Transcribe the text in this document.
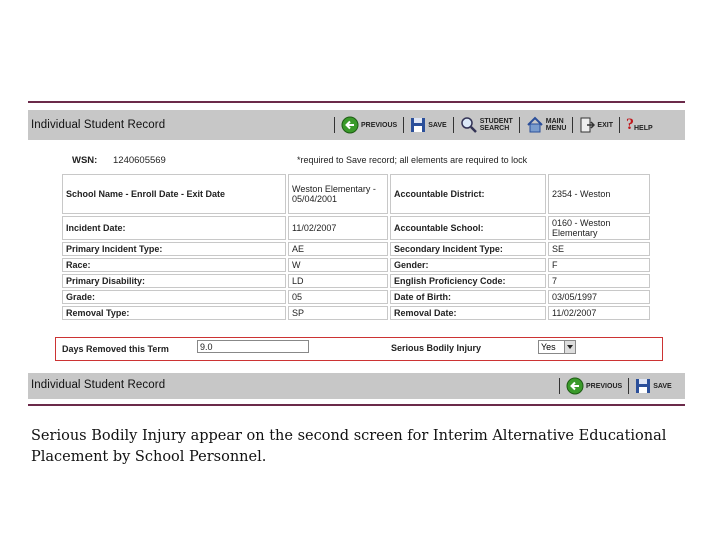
Individual Student Record	PREVIOUS	SAVE	STUDENT
SEARCH
MAIN
MENU	EXIT ? HELP
WSN: 1240605569	*required to Save record; all elements are required to lock
School Name - Enroll Date - Exit Date	Weston Elementary - 05/04/2001	Accountable District:	2354 - Weston
Incident Date:	11/02/2007	Accountable School:	0160 - Weston Elementary
Primary Incident Type:	AE	Secondary Incident Type:	SE
Race:	W	Gender:	F
Primary Disability:	LD	English Proficiency Code:	7
Grade:	05	Date of Birth:	03/05/1997
Removal Type:	SP	Removal Date:	11/02/2007
Days Removed this Term	9.0	Serious Bodily Injury	Yes
Individual Student Record	PREVIOUS	SAVE
Serious Bodily Injury appear on the second screen for Interim Alternative Educational Placement by School Personnel.
